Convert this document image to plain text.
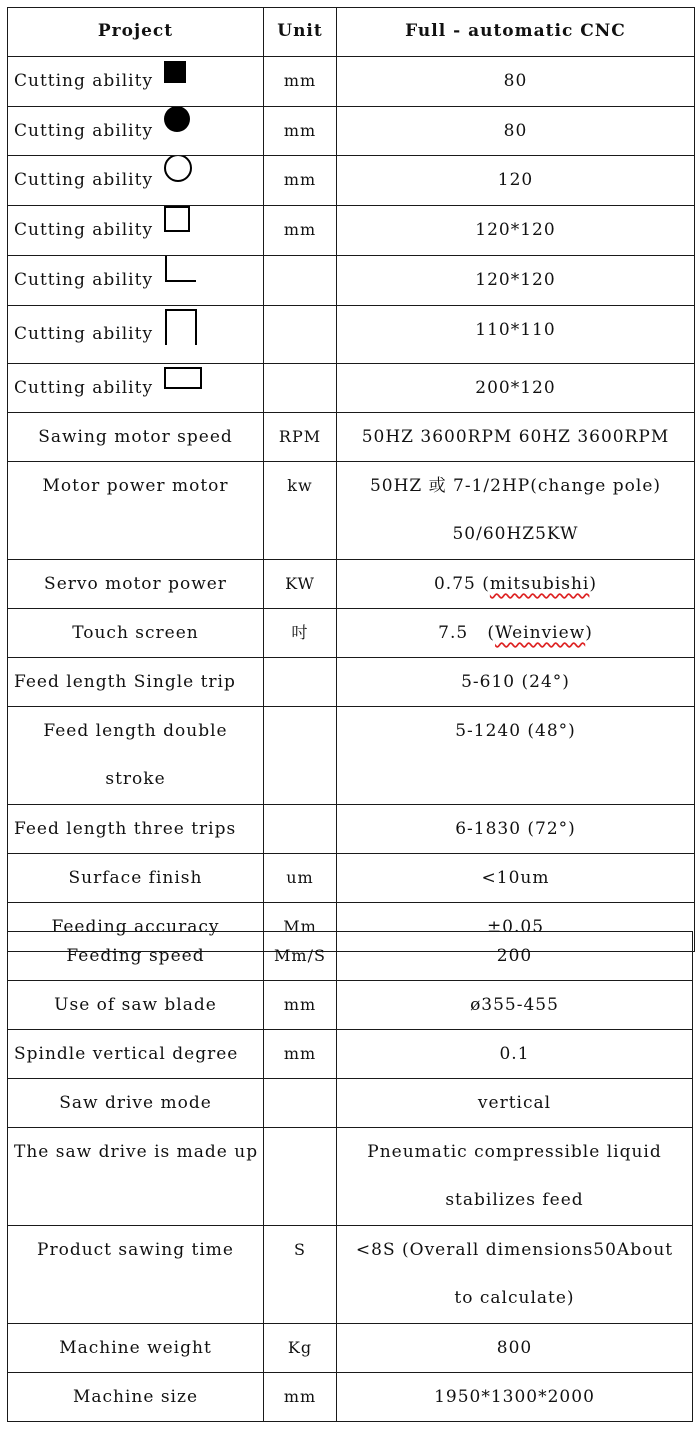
Project	Unit	Full - automatic CNC
Cutting ability	mm	80
Cutting ability	mm	80
Cutting ability	mm	120
Cutting ability	mm	120*120
Cutting ability		120*120
Cutting ability		110*110
Cutting ability		200*120
Sawing motor speed	RPM	50HZ 3600RPM 60HZ 3600RPM
Motor power motor	kw	50HZ 或 7-1/2HP(change pole)
50/60HZ5KW

Servo motor power	KW	0.75 (mitsubishi)
Touch screen	吋	7.5   (Weinview)
Feed length Single trip		5-610 (24°)

Feed length double
stroke		5-1240 (48°)
Feed length three trips		6-1830 (72°)
Surface finish	um	<10um
Feeding accuracy	Mm	±0.05
Feeding speed	Mm/S	200
Use of saw blade	mm	ø355-455
Spindle vertical degree	mm	0.1
Saw drive mode		vertical
The saw drive is made up		Pneumatic compressible liquid
stabilizes feed

Product sawing time	S	<8S (Overall dimensions50About
to calculate)

Machine weight	Kg	800
Machine size	mm	1950*1300*2000
